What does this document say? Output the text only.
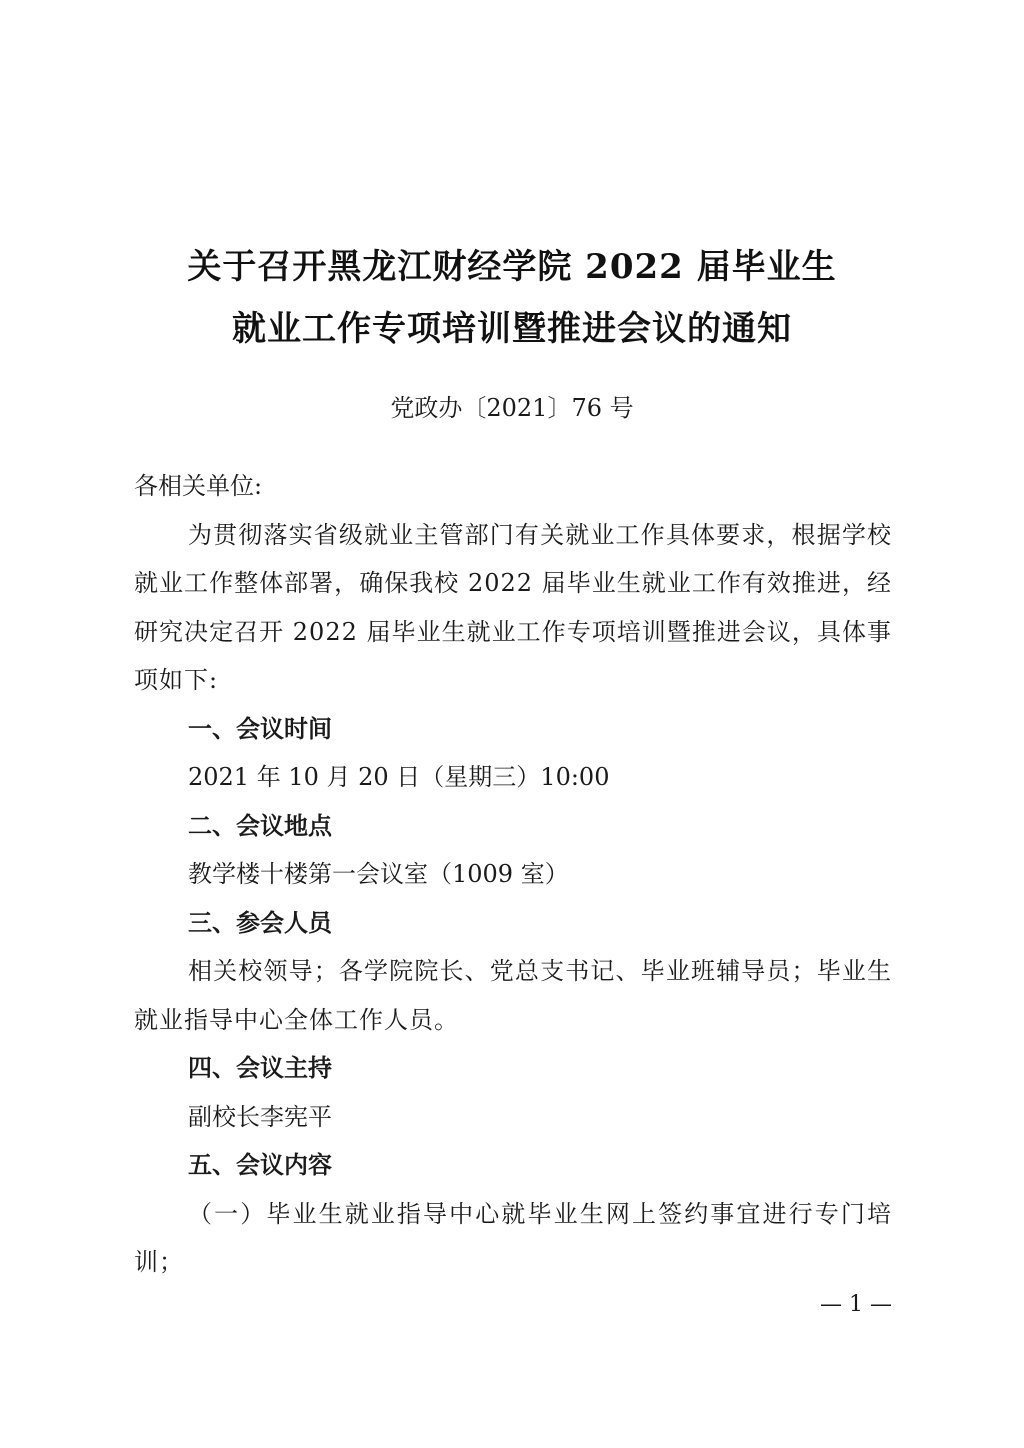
关于召开黑龙江财经学院 2022 届毕业生
就业工作专项培训暨推进会议的通知
党政办〔2021〕76 号
各相关单位:
为贯彻落实省级就业主管部门有关就业工作具体要求，根据学校就业工作整体部署，确保我校 2022 届毕业生就业工作有效推进，经研究决定召开 2022 届毕业生就业工作专项培训暨推进会议，具体事项如下:
一、会议时间
2021 年 10 月 20 日（星期三）10:00
二、会议地点
教学楼十楼第一会议室（1009 室）
三、参会人员
相关校领导；各学院院长、党总支书记、毕业班辅导员；毕业生就业指导中心全体工作人员。
四、会议主持
副校长李宪平
五、会议内容
（一）毕业生就业指导中心就毕业生网上签约事宜进行专门培训；
— 1 —
